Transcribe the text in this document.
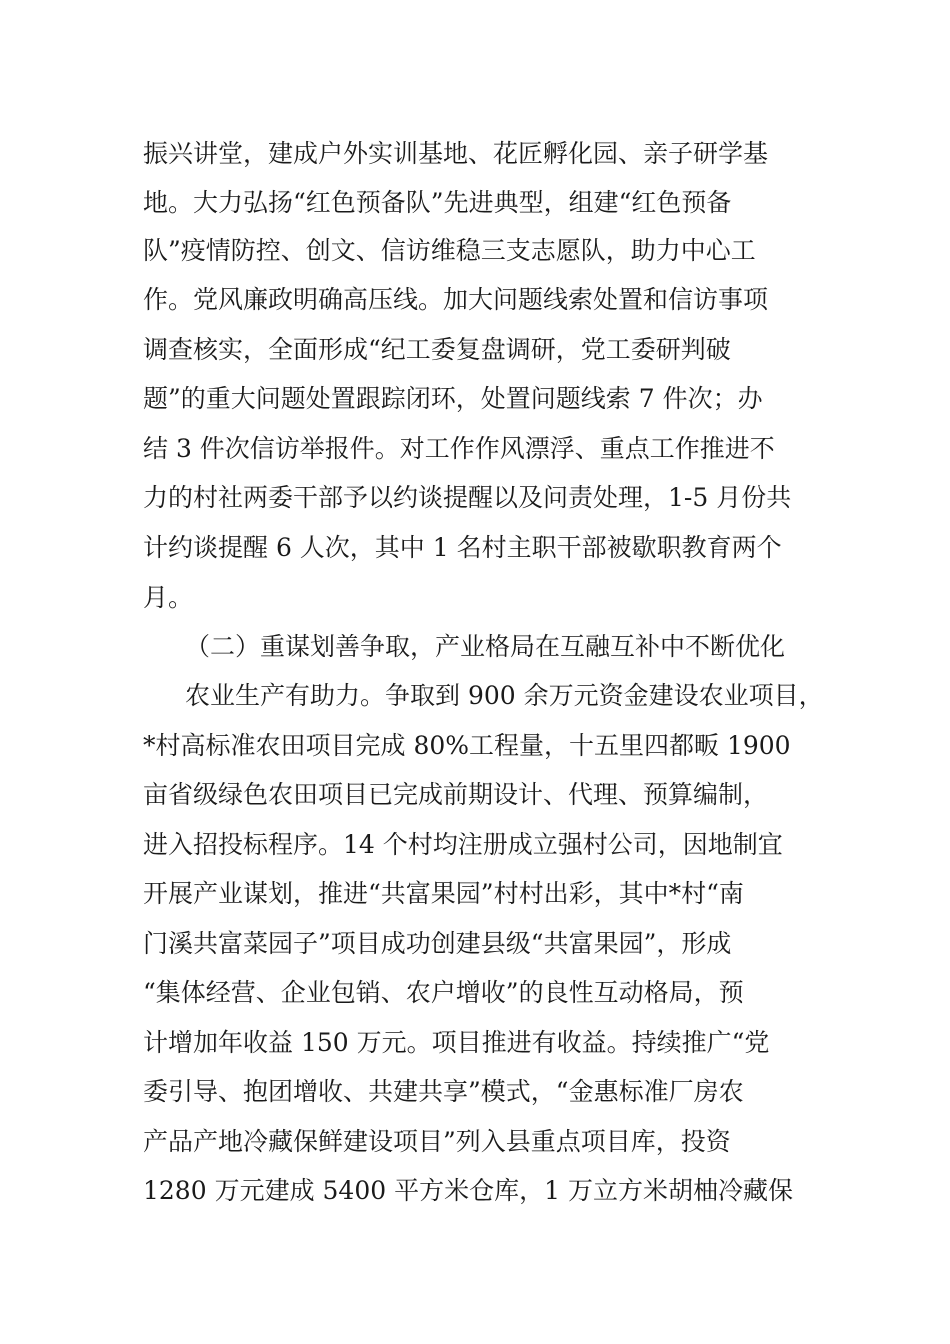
振兴讲堂，建成户外实训基地、花匠孵化园、亲子研学基
地。大力弘扬“红色预备队”先进典型，组建“红色预备
队”疫情防控、创文、信访维稳三支志愿队，助力中心工
作。党风廉政明确高压线。加大问题线索处置和信访事项
调查核实，全面形成“纪工委复盘调研，党工委研判破
题”的重大问题处置跟踪闭环，处置问题线索 7 件次；办
结 3 件次信访举报件。对工作作风漂浮、重点工作推进不
力的村社两委干部予以约谈提醒以及问责处理，1-5 月份共
计约谈提醒 6 人次，其中 1 名村主职干部被歇职教育两个
月。
（二）重谋划善争取，产业格局在互融互补中不断优化
农业生产有助力。争取到 900 余万元资金建设农业项目，
*村高标准农田项目完成 80%工程量，十五里四都畈 1900
亩省级绿色农田项目已完成前期设计、代理、预算编制，
进入招投标程序。14 个村均注册成立强村公司，因地制宜
开展产业谋划，推进“共富果园”村村出彩，其中*村“南
门溪共富菜园子”项目成功创建县级“共富果园”，形成
“集体经营、企业包销、农户增收”的良性互动格局，预
计增加年收益 150 万元。项目推进有收益。持续推广“党
委引导、抱团增收、共建共享”模式，“金惠标准厂房农
产品产地冷藏保鲜建设项目”列入县重点项目库，投资
1280 万元建成 5400 平方米仓库，1 万立方米胡柚冷藏保
